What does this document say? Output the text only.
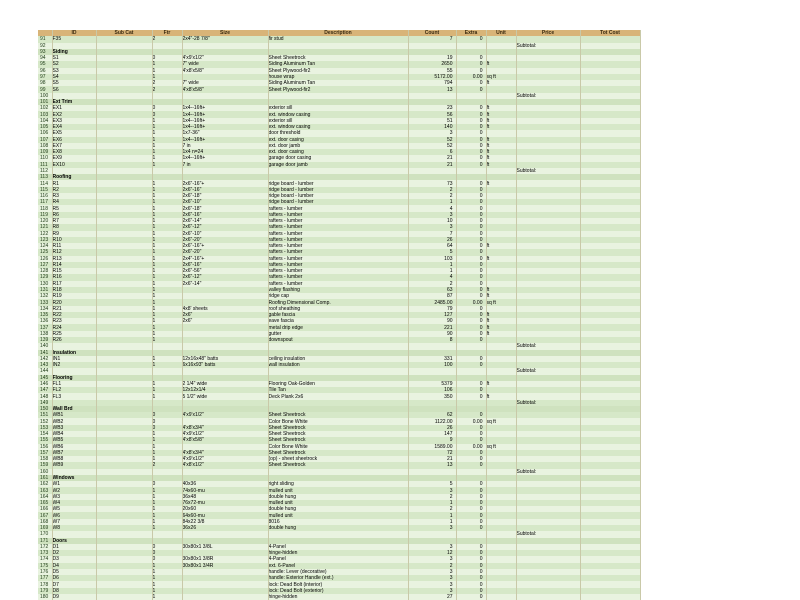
	ID	Sub Cat	Ftr	Size	Description	Count	Extra	Unit	Price	Tot Cost
91	F35		2	2x4"-28 7/8"	fir stud	7	0			
92									Subtotal:	
93	Siding									
94	S1		0	4'x9'x1/2"	Sheet Sheetrock	19	0			
95	S2		1	7" wide	Siding Aluminum Tan	2650	0	ft		
96	S3		1	4'x8'x5/8"	Sheet Plywood-fir2	55	0			
97	S4		1		house wrap	5172.00	0.00	sq ft		
98	S5		2	7" wide	Siding Aluminum Tan	794	0	ft		
99	S6		2	4'x8'x5/8"	Sheet Plywood-fir2	13	0			
100									Subtotal:	
101	Ext Trim									
102	EX1		0	1x4--16ft+	exterior sill	23	0	ft		
103	EX2		0	1x4--16ft+	ext. window casing	56	0	ft		
104	EX3		1	1x4--16ft+	exterior sill	51	0	ft		
105	EX4		1	1x4--16ft+	ext. window casing	140	0	ft		
106	EX5		1	1x7-36"	door threshold	3	0			
107	EX6		1	1x4--16ft+	ext. door casing	52	0	ft		
108	EX7		1	7 in	ext. door jamb	52	0	ft		
109	EX8		1	1x4 n=24	ext. door casing	6	0	ft		
110	EX9		1	1x4--16ft+	garage door casing	21	0	ft		
111	EX10		1	7 in	garage door jamb	21	0	ft		
112									Subtotal:	
113	Roofing									
114	R1		1	2x6"-16"+	ridge board - lumber	73	0	ft		
115	R2		1	2x6"-16"	ridge board - lumber	2	0			
116	R3		1	2x6"-18"	ridge board - lumber	2	0			
117	R4		1	2x6"-10"	ridge board - lumber	1	0			
118	R5		1	2x6"-18"	rafters - lumber	4	0			
119	R6		1	2x6"-16"	rafters - lumber	3	0			
120	R7		1	2x6"-14"	rafters - lumber	10	0			
121	R8		1	2x6"-12"	rafters - lumber	3	0			
122	R9		1	2x6"-10"	rafters - lumber	7	0			
123	R10		1	2x6"-20"	rafters - lumber	26	0			
124	R11		1	2x6"-16"+	rafters - lumber	64	0	ft		
125	R12		1	2x6"-20"	rafters - lumber	5	0			
126	R13		1	2x4"-16"+	rafters - lumber	103	0	ft		
127	R14		1	2x6"-16"	rafters - lumber	1	0			
128	R15		1	2x6"-56"	rafters - lumber	1	0			
129	R16		1	2x6"-12"	rafters - lumber	4	0			
130	R17		1	2x6"-14"	rafters - lumber	2	0			
131	R18		1		valley flashing	63	0	ft		
132	R19		1		ridge cap	87	0	ft		
133	R20		1		Roofing Dimensional Comp.	2485.00	0.00	sq ft		
134	R21		1	4x8' sheets	roof sheathing	79	0			
135	R22		1	2x6"	gable fascia	127	0	ft		
136	R23		1	2x6"	eave fascia	90	0	ft		
137	R24		1		metal drip edge	221	0	ft		
138	R25		1		gutter	90	0	ft		
139	R26		1		downspout	8	0			
140									Subtotal:	
141	Insulation									
142	IN1		1	12x16x48" batts	ceiling insulation	331	0			
143	IN2		1	6x16x93" batts	wall insulation	100	0			
144									Subtotal:	
145	Flooring									
146	FL1		1	2 1/4" wide	Flooring Oak-Golden	5379	0	ft		
147	FL2		1	12x12x1/4	Tile Tan	106	0			
148	FL3		1	5 1/2" wide	Deck Plank 2x6	350	0	ft		
149									Subtotal:	
150	Wall Brd									
151	WB1		0	4'x9'x1/2"	Sheet Sheetrock	62	0			
152	WB2		0		Color Bone White	1122.00	0.00	sq ft		
153	WB3		0	4'x8'x3/4"	Sheet Sheetrock	26	0			
154	WB4		1	4'x9'x1/2"	Sheet Sheetrock	147	0			
155	WB5		1	4'x8'x5/8"	Sheet Sheetrock	9	0			
156	WB6		1		Color Bone White	1589.00	0.00	sq ft		
157	WB7		1	4'x8'x3/4"	Sheet Sheetrock	72	0			
158	WB8		1	4'x9'x1/2"	(op) - sheet sheetrock	21	0			
159	WB9		2	4'x8'x1/2"	Sheet Sheetrock	13	0			
160									Subtotal:	
161	Windows									
162	W1		0	40x36	right sliding	5	0			
163	W2		1	74x60-mu	mulled unit	3	0			
164	W3		1	36x48	double hung	2	0			
165	W4		1	76x72-mu	mulled unit	1	0			
166	W5		1	20x60	double hung	2	0			
167	W6		1	64x60-mu	mulled unit	1	0			
168	W7		1	84x22 3/8	8016	1	0			
169	W8		1	36x26	double hung	3	0			
170									Subtotal:	
171	Doors									
172	D1		0	30x80x1 3/8L	4-Panel	3	0			
173	D2		0		hinge-hidden	12	0			
174	D3		0	30x80x1 3/8R	4-Panel	3	0			
175	D4		1	30x80x1 3/4R	ext. 6-Panel	2	0			
176	D5		1		handle: Lever (decorative)	3	0			
177	D6		1		handle: Exterior Handle (ext.)	3	0			
178	D7		1		lock: Dead Bolt (interior)	3	0			
179	D8		1		lock: Dead Bolt (exterior)	3	0			
180	D9		1		hinge-hidden	27	0			
